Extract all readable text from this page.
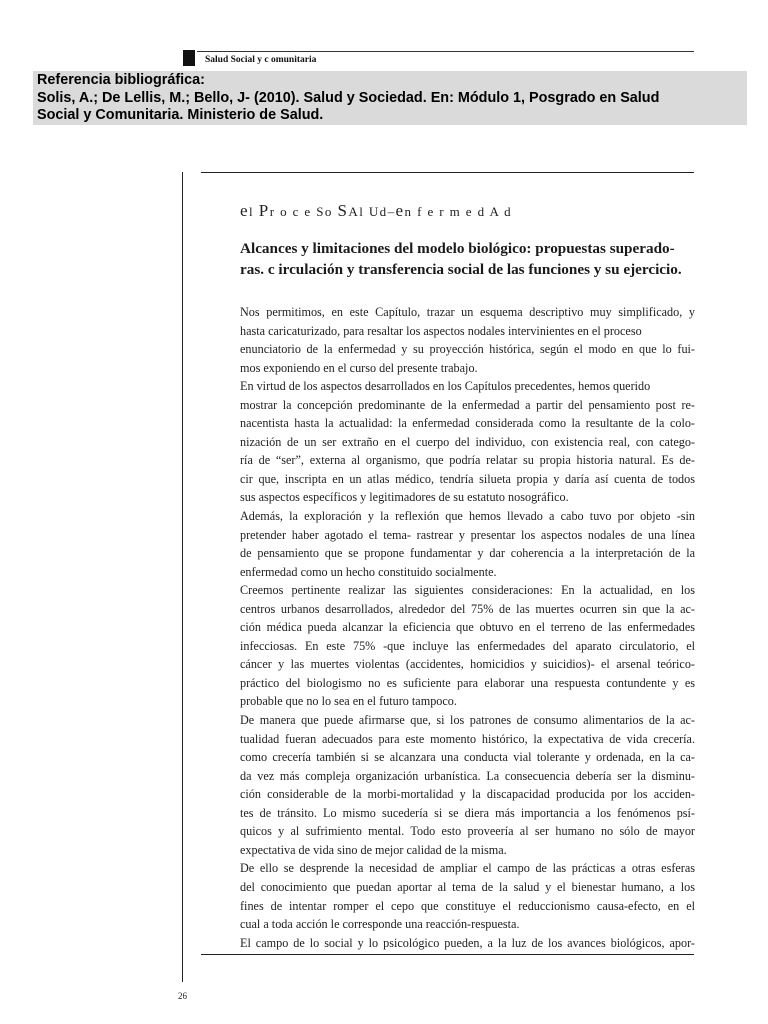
Salud Social y c omunitaria
Referencia bibliográfica:
Solis, A.; De Lellis, M.; Bello, J- (2010). Salud y Sociedad. En: Módulo 1, Posgrado en Salud
Social y Comunitaria. Ministerio de Salud.
el Pr o c e So SAl Ud–en f e r m e d A d
Alcances y limitaciones del modelo biológico: propuestas superado-
ras. c irculación y transferencia social de las funciones y su ejercicio.
Nos permitimos, en este Capítulo, trazar un esquema descriptivo muy simplificado, y
hasta caricaturizado, para resaltar los aspectos nodales intervinientes en el proceso
enunciatorio de la enfermedad y su proyección histórica, según el modo en que lo fui-
mos exponiendo en el curso del presente trabajo.
En virtud de los aspectos desarrollados en los Capítulos precedentes, hemos querido
mostrar la concepción predominante de la enfermedad a partir del pensamiento post re-
nacentista hasta la actualidad: la enfermedad considerada como la resultante de la colo-
nización de un ser extraño en el cuerpo del individuo, con existencia real, con catego-
ría de “ser”, externa al organismo, que podría relatar su propia historia natural. Es de-
cir que, inscripta en un atlas médico, tendría silueta propia y daría así cuenta de todos
sus aspectos específicos y legitimadores de su estatuto nosográfico.
Además, la exploración y la reflexión que hemos llevado a cabo tuvo por objeto -sin
pretender haber agotado el tema- rastrear y presentar los aspectos nodales de una línea
de pensamiento que se propone fundamentar y dar coherencia a la interpretación de la
enfermedad como un hecho constituido socialmente.
Creemos pertinente realizar las siguientes consideraciones: En la actualidad, en los
centros urbanos desarrollados, alrededor del 75% de las muertes ocurren sin que la ac-
ción médica pueda alcanzar la eficiencia que obtuvo en el terreno de las enfermedades
infecciosas. En este 75% -que incluye las enfermedades del aparato circulatorio, el
cáncer y las muertes violentas (accidentes, homicidios y suicidios)- el arsenal teórico-
práctico del biologismo no es suficiente para elaborar una respuesta contundente y es
probable que no lo sea en el futuro tampoco.
De manera que puede afirmarse que, si los patrones de consumo alimentarios de la ac-
tualidad fueran adecuados para este momento histórico, la expectativa de vida crecería.
como crecería también si se alcanzara una conducta vial tolerante y ordenada, en la ca-
da vez más compleja organización urbanística. La consecuencia debería ser la disminu-
ción considerable de la morbi-mortalidad y la discapacidad producida por los acciden-
tes de tránsito. Lo mismo sucedería si se diera más importancia a los fenómenos psí-
quicos y al sufrimiento mental. Todo esto proveería al ser humano no sólo de mayor
expectativa de vida sino de mejor calidad de la misma.
De ello se desprende la necesidad de ampliar el campo de las prácticas a otras esferas
del conocimiento que puedan aportar al tema de la salud y el bienestar humano, a los
fines de intentar romper el cepo que constituye el reduccionismo causa-efecto, en el
cual a toda acción le corresponde una reacción-respuesta.
El campo de lo social y lo psicológico pueden, a la luz de los avances biológicos, apor-
26
